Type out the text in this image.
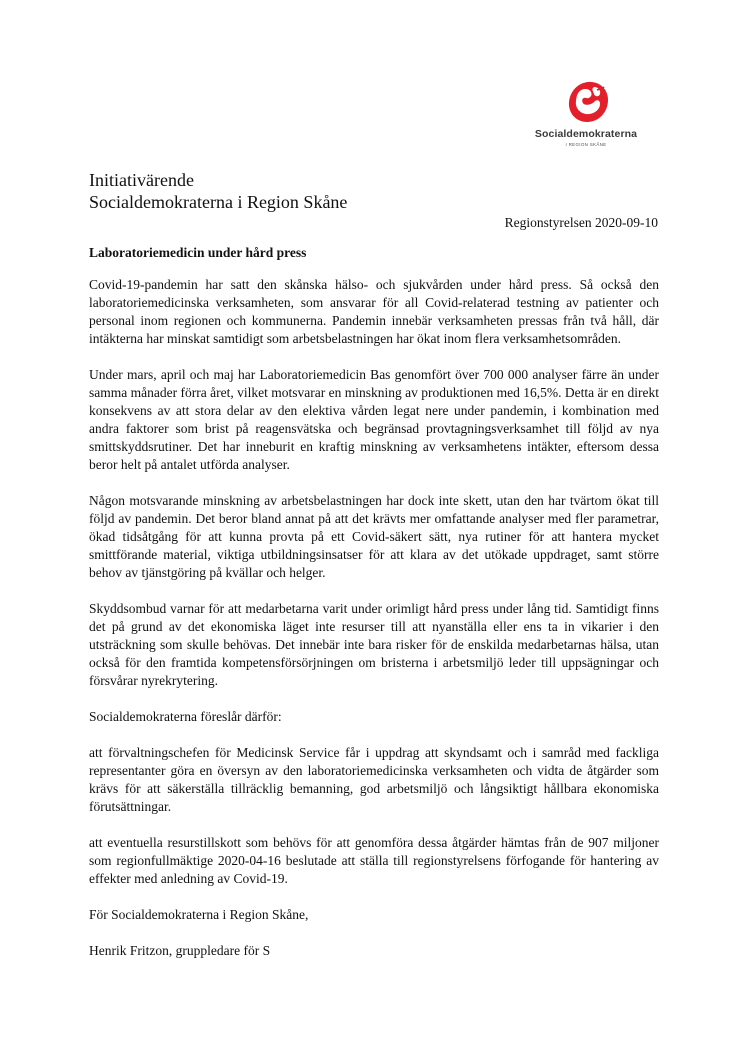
Socialdemokraterna
I REGION SKÅNE
Initiativärende
Socialdemokraterna i Region Skåne
Regionstyrelsen 2020-09-10
Laboratoriemedicin under hård press

Covid-19-pandemin har satt den skånska hälso- och sjukvården under hård press. Så också den laboratoriemedicinska verksamheten, som ansvarar för all Covid-relaterad testning av patienter och personal inom regionen och kommunerna. Pandemin innebär verksamheten pressas från två håll, där intäkterna har minskat samtidigt som arbetsbelastningen har ökat inom flera verksamhetsområden.

Under mars, april och maj har Laboratoriemedicin Bas genomfört över 700 000 analyser färre än under samma månader förra året, vilket motsvarar en minskning av produktionen med 16,5%. Detta är en direkt konsekvens av att stora delar av den elektiva vården legat nere under pandemin, i kombination med andra faktorer som brist på reagensvätska och begränsad provtagningsverksamhet till följd av nya smittskyddsrutiner. Det har inneburit en kraftig minskning av verksamhetens intäkter, eftersom dessa beror helt på antalet utförda analyser.

Någon motsvarande minskning av arbetsbelastningen har dock inte skett, utan den har tvärtom ökat till följd av pandemin. Det beror bland annat på att det krävts mer omfattande analyser med fler parametrar, ökad tidsåtgång för att kunna provta på ett Covid-säkert sätt, nya rutiner för att hantera mycket smittförande material, viktiga utbildningsinsatser för att klara av det utökade uppdraget, samt större behov av tjänstgöring på kvällar och helger.

Skyddsombud varnar för att medarbetarna varit under orimligt hård press under lång tid. Samtidigt finns det på grund av det ekonomiska läget inte resurser till att nyanställa eller ens ta in vikarier i den utsträckning som skulle behövas. Det innebär inte bara risker för de enskilda medarbetarnas hälsa, utan också för den framtida kompetensförsörjningen om bristerna i arbetsmiljö leder till uppsägningar och försvårar nyrekrytering.

Socialdemokraterna föreslår därför:

att förvaltningschefen för Medicinsk Service får i uppdrag att skyndsamt och i samråd med fackliga representanter göra en översyn av den laboratoriemedicinska verksamheten och vidta de åtgärder som krävs för att säkerställa tillräcklig bemanning, god arbetsmiljö och långsiktigt hållbara ekonomiska förutsättningar.

att eventuella resurstillskott som behövs för att genomföra dessa åtgärder hämtas från de 907 miljoner som regionfullmäktige 2020-04-16 beslutade att ställa till regionstyrelsens förfogande för hantering av effekter med anledning av Covid-19.

För Socialdemokraterna i Region Skåne,

Henrik Fritzon, gruppledare för S
